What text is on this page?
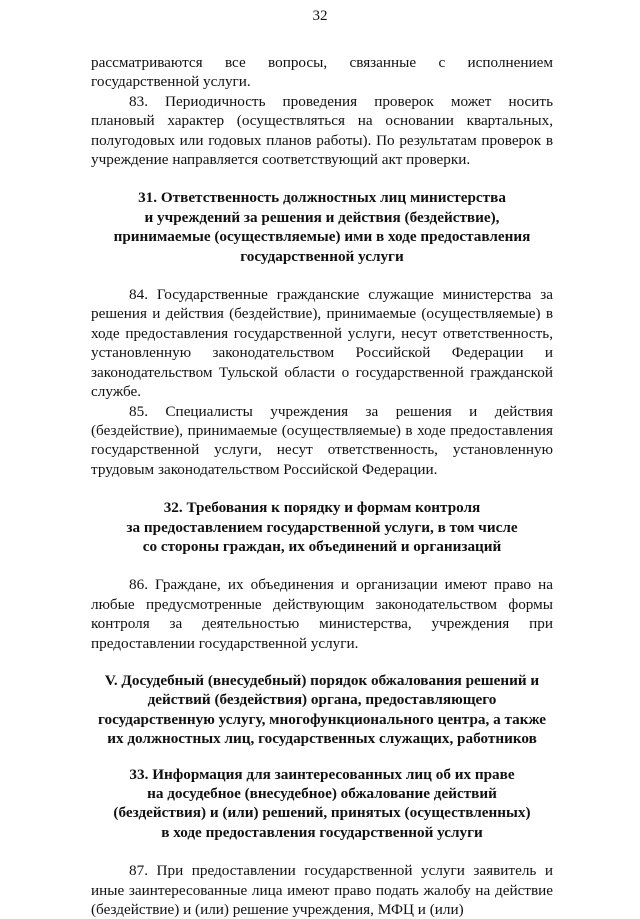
32

рассматриваются все вопросы, связанные с исполнением государственной услуги.

83. Периодичность проведения проверок может носить плановый характер (осуществляться на основании квартальных, полугодовых или годовых планов работы). По результатам проверок в учреждение направляется соответствующий акт проверки.

31. Ответственность должностных лиц министерства
и учреждений за решения и действия (бездействие),
принимаемые (осуществляемые) ими в ходе предоставления
государственной услуги

84. Государственные гражданские служащие министерства за решения и действия (бездействие), принимаемые (осуществляемые) в ходе предоставления государственной услуги, несут ответственность, установленную законодательством Российской Федерации и законодательством Тульской области о государственной гражданской службе.

85. Специалисты учреждения за решения и действия (бездействие), принимаемые (осуществляемые) в ходе предоставления государственной услуги, несут ответственность, установленную трудовым законодательством Российской Федерации.

32. Требования к порядку и формам контроля
за предоставлением государственной услуги, в том числе
со стороны граждан, их объединений и организаций

86. Граждане, их объединения и организации имеют право на любые предусмотренные действующим законодательством формы контроля за деятельностью министерства, учреждения при предоставлении государственной услуги.

V. Досудебный (внесудебный) порядок обжалования решений и
действий (бездействия) органа, предоставляющего
государственную услугу, многофункционального центра, а также
их должностных лиц, государственных служащих, работников
33. Информация для заинтересованных лиц об их праве
на досудебное (внесудебное) обжалование действий
(бездействия) и (или) решений, принятых (осуществленных)
в ходе предоставления государственной услуги

87. При предоставлении государственной услуги заявитель и иные заинтересованные лица имеют право подать жалобу на действие (бездействие) и (или) решение учреждения, МФЦ и (или)
